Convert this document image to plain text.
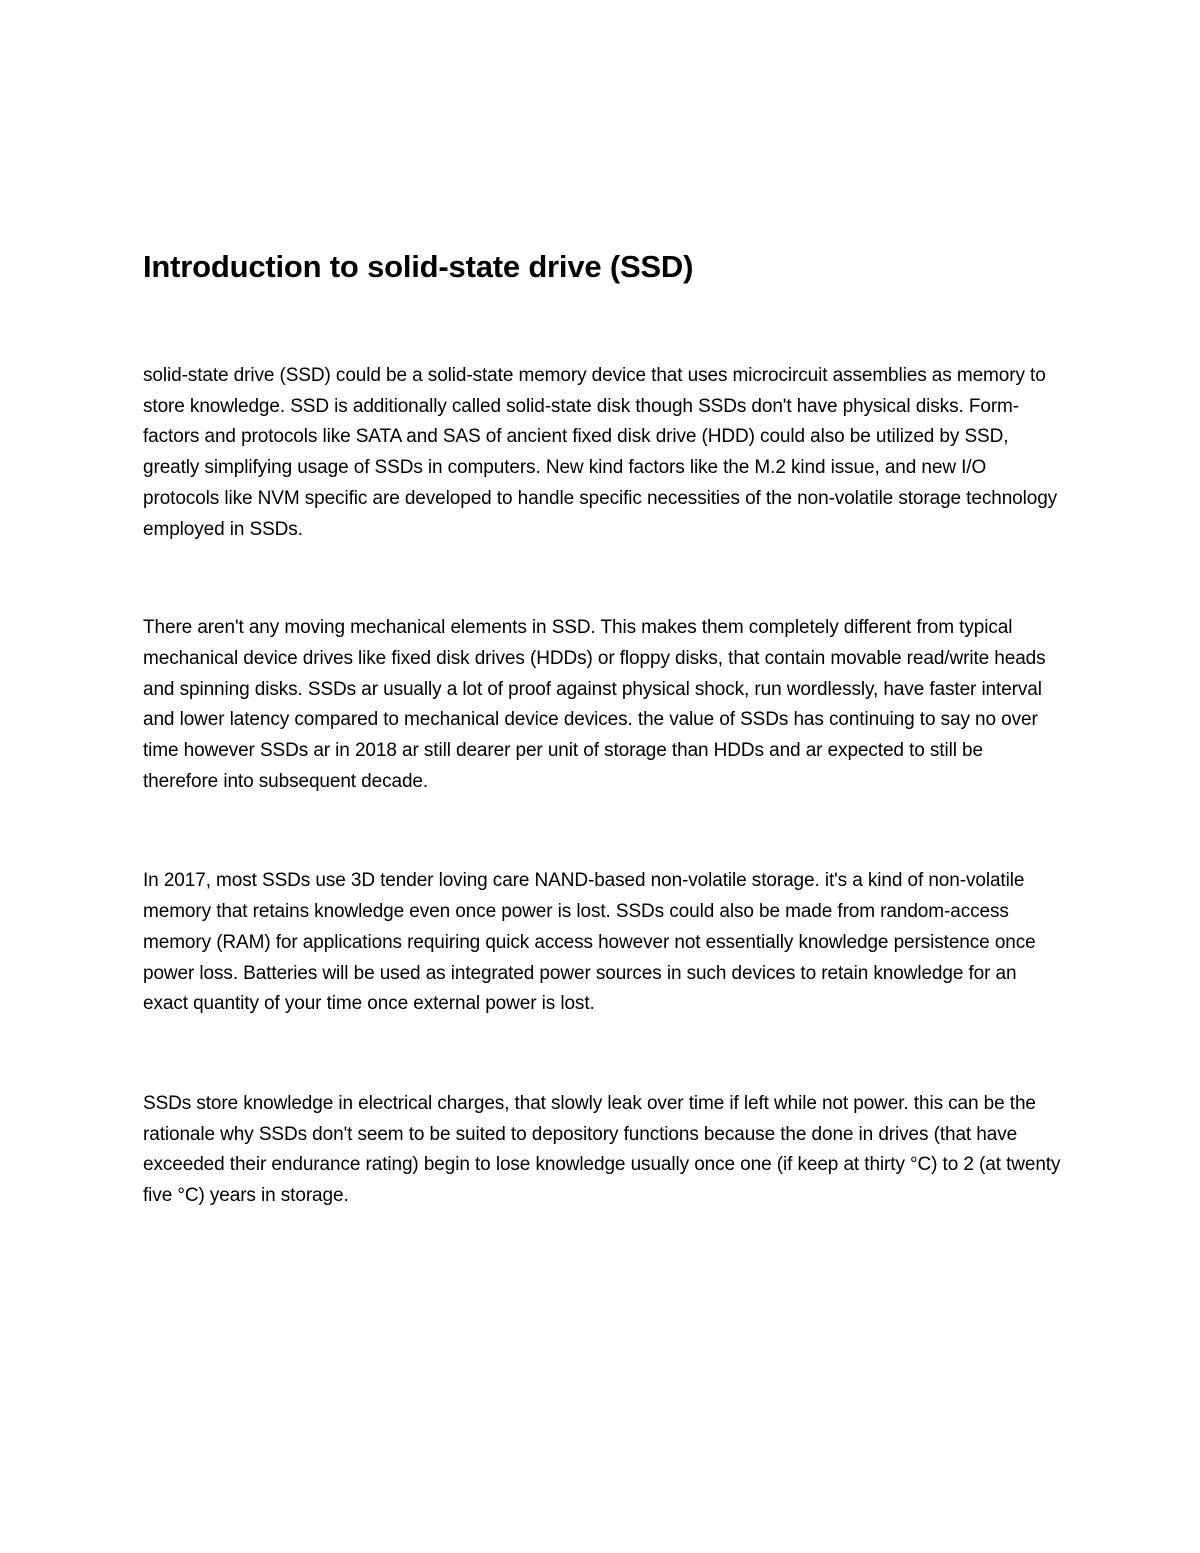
Introduction to solid-state drive (SSD)

solid-state drive (SSD) could be a solid-state memory device that uses microcircuit assemblies as memory to store knowledge. SSD is additionally called solid-state disk though SSDs don't have physical disks. Form-factors and protocols like SATA and SAS of ancient fixed disk drive (HDD) could also be utilized by SSD, greatly simplifying usage of SSDs in computers. New kind factors like the M.2 kind issue, and new I/O protocols like NVM specific are developed to handle specific necessities of the non-volatile storage technology employed in SSDs.

There aren't any moving mechanical elements in SSD. This makes them completely different from typical mechanical device drives like fixed disk drives (HDDs) or floppy disks, that contain movable read/write heads and spinning disks. SSDs ar usually a lot of proof against physical shock, run wordlessly, have faster interval and lower latency compared to mechanical device devices. the value of SSDs has continuing to say no over time however SSDs ar in 2018 ar still dearer per unit of storage than HDDs and ar expected to still be therefore into subsequent decade.

In 2017, most SSDs use 3D tender loving care NAND-based non-volatile storage. it's a kind of non-volatile memory that retains knowledge even once power is lost. SSDs could also be made from random-access memory (RAM) for applications requiring quick access however not essentially knowledge persistence once power loss. Batteries will be used as integrated power sources in such devices to retain knowledge for an exact quantity of your time once external power is lost.

SSDs store knowledge in electrical charges, that slowly leak over time if left while not power. this can be the rationale why SSDs don't seem to be suited to depository functions because the done in drives (that have exceeded their endurance rating) begin to lose knowledge usually once one (if keep at thirty °C) to 2 (at twenty five °C) years in storage.
